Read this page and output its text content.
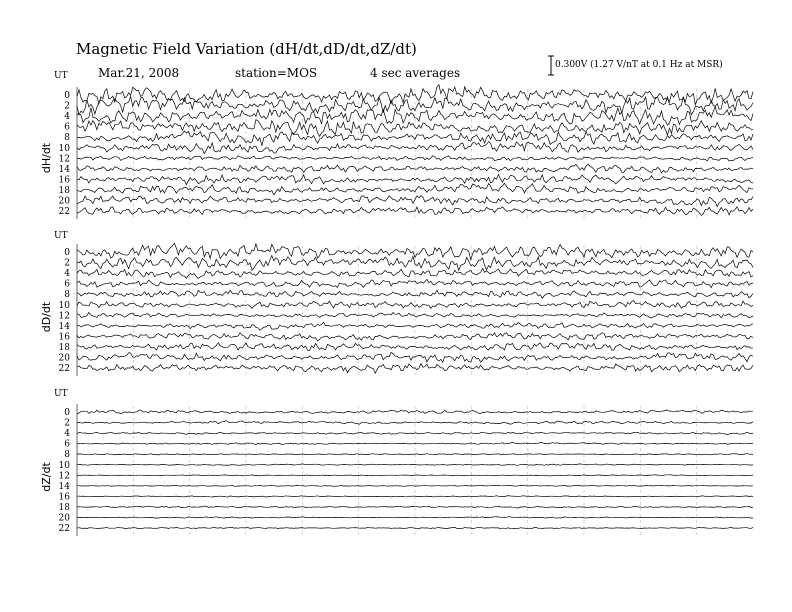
UT
dH/dt
0
2
4
6
8
10
12
14
16
18
20
22
UT
dD/dt
0
2
4
6
8
10
12
14
16
18
20
22
UT
dZ/dt
0
2
4
6
8
10
12
14
16
18
20
22
Magnetic Field Variation (dH/dt,dD/dt,dZ/dt)
Mar.21, 2008	station=MOS	4 sec averages
0.300V (1.27 V/nT at 0.1 Hz at MSR)
